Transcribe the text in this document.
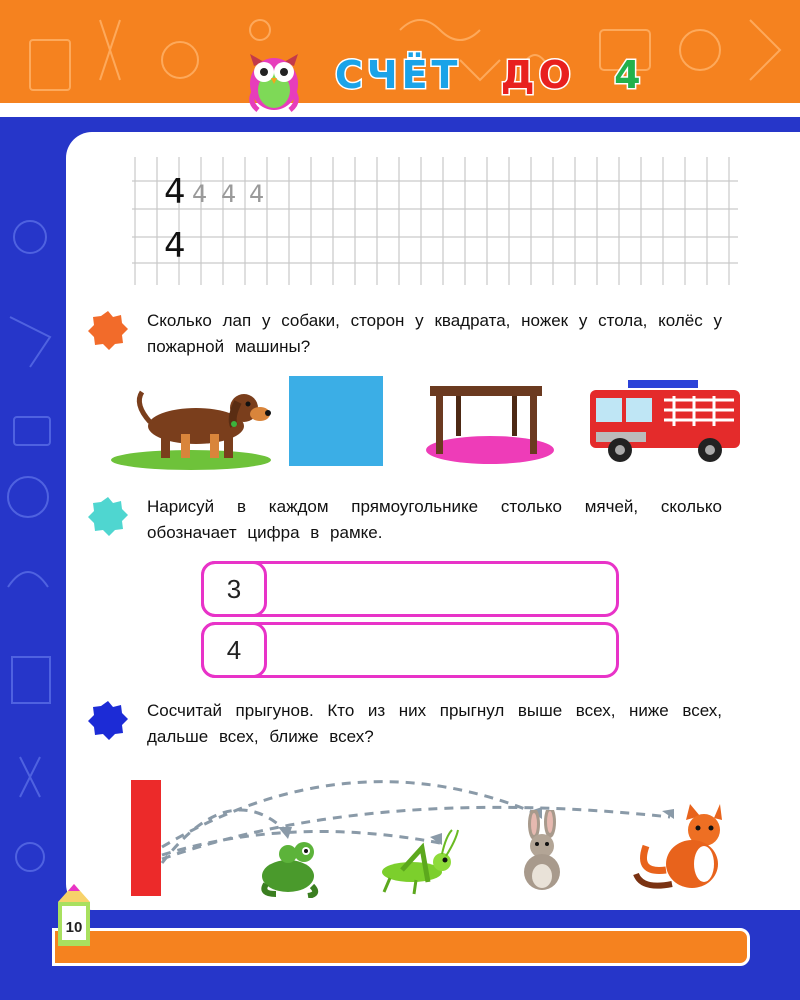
СЧЁТ ДО 4
4 4 4 4
4
Сколько лап у собаки, сторон у квадрата, ножек у стола, колёс у пожарной машины?
Нарисуй в каждом прямоугольнике столько мячей, сколько обозначает цифра в рамке.
3
4
Сосчитай прыгунов. Кто из них прыгнул выше всех, ниже всех, дальше всех, ближе всех?
10
